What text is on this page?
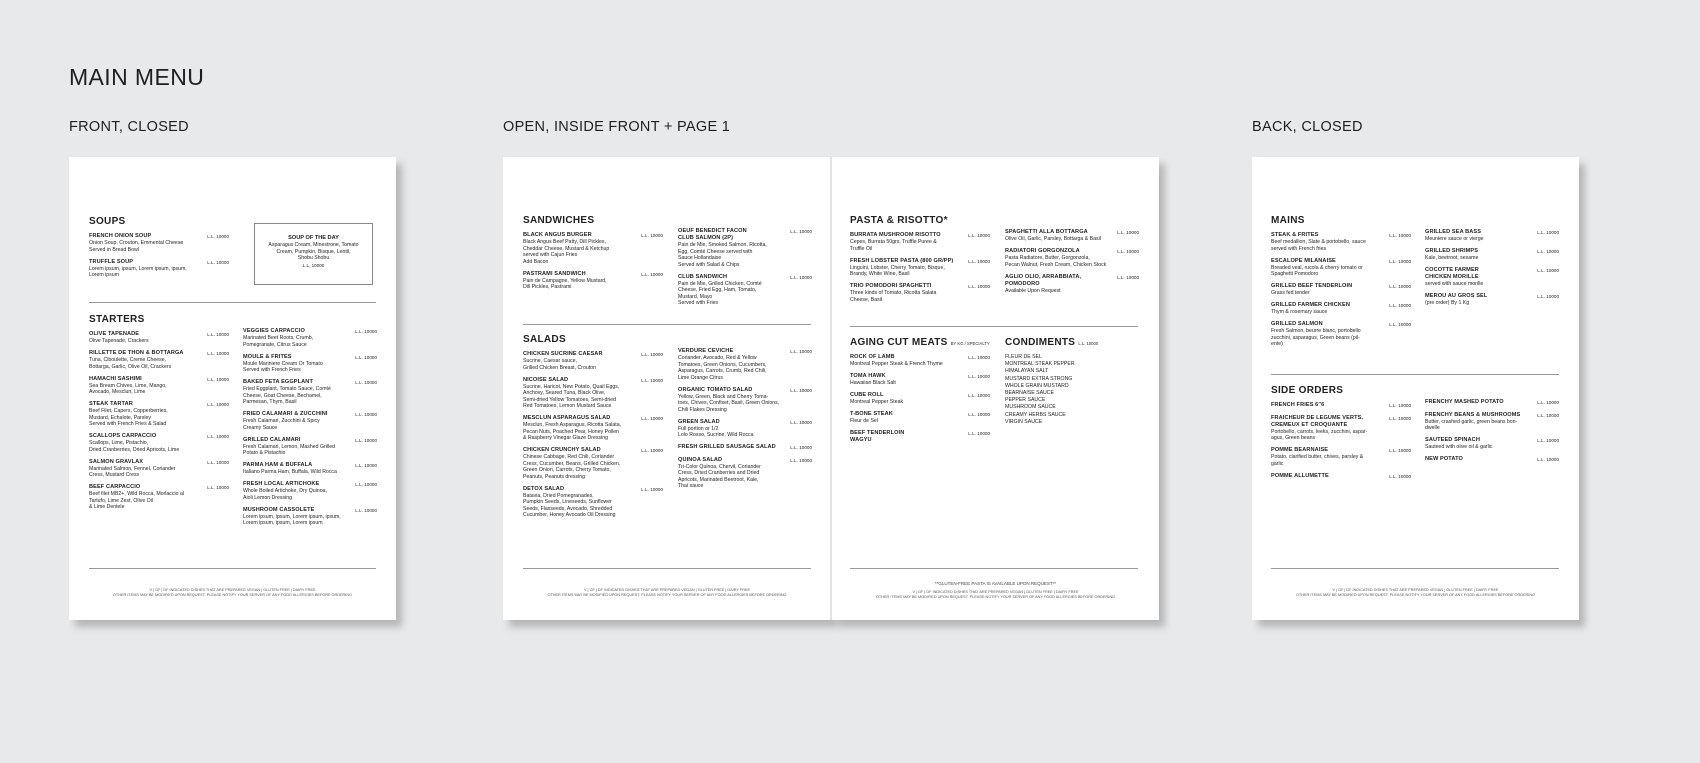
MAIN MENU
FRONT, CLOSED	OPEN, INSIDE FRONT + PAGE 1	BACK, CLOSED
SOUPS
FRENCH ONION SOUP
Onion Soup, Crouton, Emmental Cheese
Served in Bread Bowl
L.L. 10000
TRUFFLE SOUP
Lorem ipsum, ipsum, Lorem ipsum, ipsum,
Lorem ipsum
L.L. 10000
SOUP OF THE DAY
Asparagus Cream, Minestrone, Tomato
Cream, Pumpkin, Bisque, Lentil,
Shobu Shobu
L.L. 10000
STARTERS
OLIVE TAPENADE
Olive Tapenade, Crackers
L.L. 10000
RILLETTE DE THON & BOTTARGA
Tuna, Ciboulette, Creme Cheese,
Bottarga, Garlic, Olive Oil, Crackers
L.L. 10000
HAMACHI SASHIMI
Sea Bream Chives, Lime, Mango,
Avocado, Mesclun, Lime
L.L. 10000
STEAK TARTAR
Beef Filet, Capers, Copperberries,
Mustard, Echalote, Parsley
Served with French Fries & Salad
L.L. 10000
SCALLOPS CARPACCIO
Scallops, Lime, Pistachio,
Dried Cranberries, Dried Apricots, Lime
L.L. 10000
SALMON GRAVLAX
Marinated Salmon, Fennel, Coriander
Cress, Mustard Cress
L.L. 10000
BEEF CARPACCIO
Beef filet MB2+, Wild Rocca, Morlaccio al
Tartufo, Lime Zest, Olive Oil
& Lime Dentele
L.L. 10000
VEGGIES CARPACCIO
Marinated Beet Roots, Crumb,
Pomegranate, Citrus Sauce
L.L. 10000
MOULE & FRITES
Moule Mariniere Cream Or Tomato
Served with French Fries
L.L. 10000
BAKED FETA EGGPLANT
Fried Eggplant, Tomato Sauce, Comté
Cheese, Goat Cheese, Bechamel,
Parmesan, Thym, Basil
L.L. 10000
FRIED CALAMARI & ZUCCHINI
Fresh Calamari, Zucchini & Spicy
Creamy Sauce
L.L. 10000
GRILLED CALAMARI
Fresh Calamari, Lemon, Mashed Grilled
Potato & Pistachio
L.L. 10000
PARMA HAM & BUFFALA
Italiano Parma Ham, Buffala, Wild Rocca
L.L. 10000
FRESH LOCAL ARTICHOKE
Whole Boiled Artichoke, Dry Quinoa,
Aioli Lemon Dressing
L.L. 10000
MUSHROOM CASSOLETE
Lorem ipsum, ipsum, Lorem ipsum, ipsum,
Lorem ipsum, ipsum, Lorem ipsum
L.L. 10000
V | GF | DF INDICATED DISHES THAT ARE PREPARED VEGAN | GLUTEN FREE | DAIRY FREE
OTHER ITEMS MAY BE MODIFIED UPON REQUEST. PLEASE NOTIFY YOUR SERVER OF ANY FOOD ALLERGIES BEFORE ORDERING
SANDWICHES
BLACK ANGUS BURGER
Black Angus Beef Patty, Dill Pickles,
Cheddar Cheese, Mustard & Ketchup
served with Cajun Fries
Add Bacon
L.L. 10000
PASTRAMI SANDWICH
Pain de Campagne, Yellow Mustard,
Dill Pickles, Pastrami
L.L. 10000
OEUF BENEDICT FACON
CLUB SALMON (2P)
Pain de Mie, Smoked Salmon, Ricotta,
Egg, Comté Cheese served with
Sauce Hollandaise
Served with Salad & Chips
L.L. 10000
CLUB SANDWICH
Pain de Mie, Grilled Chicken, Comté
Cheese, Fried Egg, Ham, Tomato,
Mustard, Mayo
Served with Fries
L.L. 10000
SALADS
CHICKEN SUCRINE CAESAR
Sucrine, Caesar sauce,
Grilled Chicken Breast, Crouton
L.L. 10000
NICOISE SALAD
Sucrine, Haricot, New Potato, Quail Eggs,
Anchovy, Seared Tuna, Black Olive,
Semi-dried Yellow Tomatoes, Semi-dried
Red Tomatoes, Lemon Mustard Sauce
L.L. 10000
MESCLUN ASPARAGUS SALAD
Mesclun, Fresh Asparagus, Ricotta Salata,
Pecan Nuts, Poached Pear, Honey Pollen
& Raspberry Vinegar Glaze Dressing
L.L. 10000
CHICKEN CRUNCHY SALAD
Chinese Cabbage, Red Chili, Coriander
Cress, Cucumber, Beans, Grilled Chicken,
Green Onion, Carrots, Cherry Tomato,
Peanuts, Peanuts dressing
L.L. 10000
DETOX SALAD
Batavia, Dried Pomegranades,
Pumpkin Seeds, Lineseeds, Sunflower
Seeds, Flaxseeds, Avocado, Shredded
Cucumber, Honey Avocado Oil Dressing
L.L. 10000
VERDURE CEVICHE
Coriander, Avocado, Red & Yellow
Tomatoes, Green Onions, Cucumbers,
Asparagus, Carrots, Crumb, Red Chili,
Lime Orange Citrus
L.L. 10000
ORGANIC TOMATO SALAD
Yellow, Green, Black and Cherry Toma-
toes, Chives, Confiset, Basil, Green Onions,
Chili Flakes Dressing
L.L. 10000
GREEN SALAD
Full portion or 1/2
Lolo Rosso, Sucrine, Wild Rocca
L.L. 10000
FRESH GRILLED SAUSAGE SALAD	L.L. 10000
QUINOA SALAD
Tri-Color Quinoa, Chervil, Coriander
Cress, Dried Cranberries and Dried
Apricots, Marinated Beetroot, Kale,
Thai sauce
L.L. 10000
V | GF | DF INDICATED DISHES THAT ARE PREPARED VEGAN | GLUTEN FREE | DAIRY FREE
OTHER ITEMS MAY BE MODIFIED UPON REQUEST. PLEASE NOTIFY YOUR SERVER OF ANY FOOD ALLERGIES BEFORE ORDERING
PASTA & RISOTTO*
BURRATA MUSHROOM RISOTTO
Cepes, Burrata 50grs, Truffle Puree &
Truffle Oil
L.L. 10000
FRESH LOBSTER PASTA (800 GR/PP)
Linguini, Lobster, Cherry Tomato, Bisque,
Brandy, White Wine, Basil
L.L. 10000
TRIO POMODORI SPAGHETTI
Three kinds of Tomato, Ricotta Salata
Cheese, Basil
L.L. 10000
SPAGHETTI ALLA BOTTARGA
Olive Oil, Garlic, Parsley, Bottarga & Basil
L.L. 10000
RADIATORI GORGONZOLA
Pasta Radiatore, Butter, Gorgonzola,
Pecan Walnut, Fresh Cream, Chicken Stock
L.L. 10000
AGLIO OLIO, ARRABBIATA,
POMODORO
Available Upon Request
L.L. 10000
AGING CUT MEATS BY KG / SPECIALTY
ROCK OF LAMB
Montreal Pepper Steak & French Thyme
L.L. 10000
TOMA HAWK
Hawaiian Black Salt
L.L. 10000
CUBE ROLL
Montreal Pepper Steak
L.L. 10000
T-BONE STEAK
Fleur de Sel
L.L. 10000
BEEF TENDERLOIN
WAGYU
L.L. 10000
CONDIMENTS L.L. 10000
FLEUR DE SEL
MONTREAL STEAK PEPPER
HIMALAYAN SALT
MUSTARD EXTRA STRONG
WHOLE GRAIN MUSTARD
BEARNAISE SAUCE
PEPPER SAUCE
MUSHROOM SAUCE
CREAMY HERBS SAUCE
VIRGIN SAUCE
**GLUTEN-FREE PASTA IS AVAILABLE UPON REQUEST**
V | GF | DF INDICATED DISHES THAT ARE PREPARED VEGAN | GLUTEN FREE | DAIRY FREE
OTHER ITEMS MAY BE MODIFIED UPON REQUEST. PLEASE NOTIFY YOUR SERVER OF ANY FOOD ALLERGIES BEFORE ORDERING
MAINS
STEAK & FRITES
Beef medallion, Slate & portobello, sauce
served with French fries
L.L. 10000
ESCALOPE MILANAISE
Breaded veal, rucola & cherry tomato or
Spaghetti Pomodoro
L.L. 10000
GRILLED BEEF TENDERLOIN
Grass fed tender
L.L. 10000
GRILLED FARMER CHICKEN
Thym & rosemary sauce
L.L. 10000
GRILLED SALMON
Fresh Salmon, beurre blanc, portobello
zucchini, asparagus, Green beans (pil-
ente)
L.L. 10000
GRILLED SEA BASS
Meuniere sauce or vierge
L.L. 10000
GRILLED SHRIMPS
Kale, beetroot, sesame
L.L. 10000
COCOTTE FARMER
CHICKEN MORILLE
served with sauce morille
L.L. 10000
MEROU AU GROS SEL
(pre order) By 1 Kg
L.L. 10000
SIDE ORDERS
FRENCH FRIES 6"6	L.L. 10000
FRAICHEUR DE LEGUME VERTS,
CREMEUX ET CROQUANTE
Portobello, carrots, leeks, zucchini, aspar-
agus, Green beans
L.L. 10000
POMME BEARNAISE
Potato, clarified butter, chives, parsley &
garlic
L.L. 10000
POMME ALLUMETTE	L.L. 10000
FRENCHY MASHED POTATO	L.L. 10000
FRENCHY BEANS & MUSHROOMS
Butter, crashed garlic, green beans bon-
dwelle
L.L. 10000
SAUTEED SPINACH
Sauteed with olive oil & garlic
L.L. 10000
NEW POTATO	L.L. 10000
V | GF | DF INDICATED DISHES THAT ARE PREPARED VEGAN | GLUTEN FREE | DAIRY FREE
OTHER ITEMS MAY BE MODIFIED UPON REQUEST. PLEASE NOTIFY YOUR SERVER OF ANY FOOD ALLERGIES BEFORE ORDERING
